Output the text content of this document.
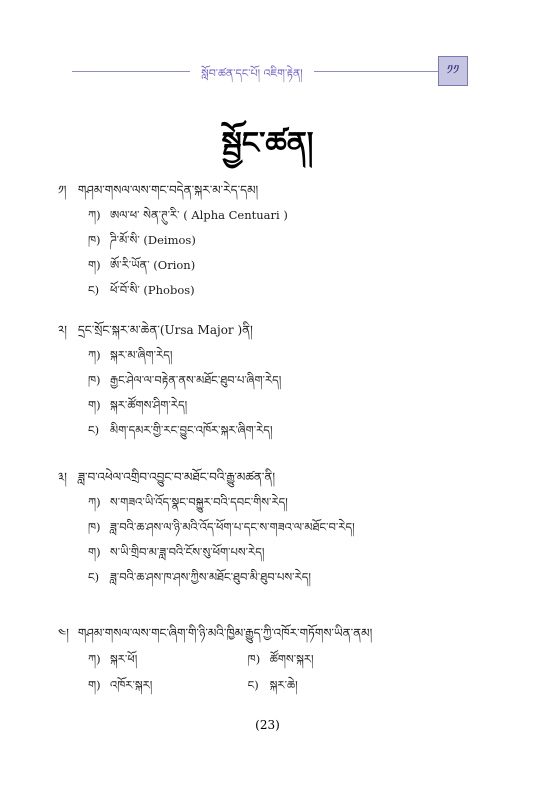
སློབ་ཚན་དང་པོ། འཇིག་རྟེན།	༡༡
སྦྱོང་ཚན།
༡། གཤམ་གསལ་ལས་གང་བདེན་སྐར་མ་རེད་དམ།
ཀ) ཨལ་ཕ་ སེན་ཊུ་རི་ ( Alpha Centuari )
ཁ) ཌི་མོ་སི་ (Deimos)
ག) ཨོ་རི་ཡོན་ (Orion)
ང) ཕོ་བོ་སི་ (Phobos)
༢། དྲང་སྲོང་སྐར་མ་ཆེན་(Ursa Major )ནི།
ཀ) སྐར་མ་ཞིག་རེད།
ཁ) རྒྱང་ཤེལ་ལ་བརྟེན་ནས་མཐོང་ཐུབ་པ་ཞིག་རེད།
ག) སྐར་ཚོགས་ཤིག་རེད།
ང) མིག་དམར་གྱི་རང་བྱུང་འཁོར་སྐར་ཞིག་རེད།
༣། ཟླ་བ་འཕེལ་འགྲིབ་འབྱུང་བ་མཐོང་བའི་རྒྱུ་མཚན་ནི།
ཀ) ས་གཟའ་ཡི་འོད་སྣང་བསྐྱུར་བའི་དབང་གིས་རེད།
ཁ) ཟླ་བའི་ཆ་ཤས་ལ་ཉི་མའི་འོད་ཕོག་པ་དང་ས་གཟའ་ལ་མཐོང་བ་རེད།
ག) ས་ཡི་གྲིབ་མ་ཟླ་བའི་ངོས་སུ་ཕོག་པས་རེད།
ང) ཟླ་བའི་ཆ་ཤས་ཁ་ཤས་ཀྱིས་མཐོང་ཐུབ་མི་ཐུབ་པས་རེད།
༤། གཤམ་གསལ་ལས་གང་ཞིག་གི་ཉི་མའི་ཁྱིམ་རྒྱུད་ཀྱི་འཁོར་གཏོགས་ཡིན་ནམ།
ཀ) སྐར་ཕོ།	ཁ) ཚོགས་སྐར།
ག) འཁོར་སྐར།	ང) སྐར་ཆེ།
(23)
